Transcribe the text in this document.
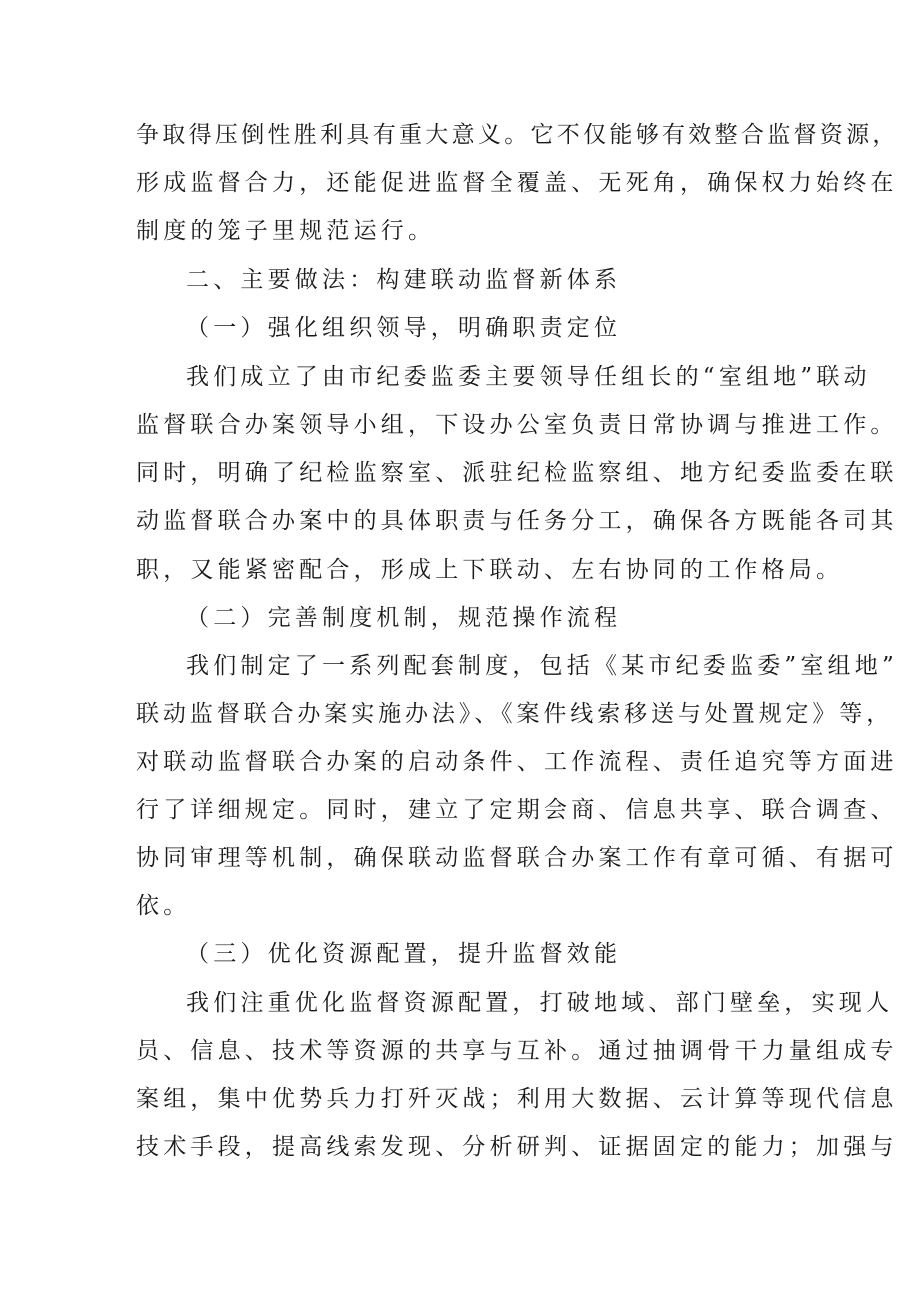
争取得压倒性胜利具有重大意义。它不仅能够有效整合监督资源，
形成监督合力，还能促进监督全覆盖、无死角，确保权力始终在
制度的笼子里规范运行。
二、主要做法：构建联动监督新体系
（一）强化组织领导，明确职责定位
我们成立了由市纪委监委主要领导任组长的“室组地”联动
监督联合办案领导小组，下设办公室负责日常协调与推进工作。
同时，明确了纪检监察室、派驻纪检监察组、地方纪委监委在联
动监督联合办案中的具体职责与任务分工，确保各方既能各司其
职，又能紧密配合，形成上下联动、左右协同的工作格局。
（二）完善制度机制，规范操作流程
我们制定了一系列配套制度，包括《某市纪委监委”室组地”
联动监督联合办案实施办法》、《案件线索移送与处置规定》等，
对联动监督联合办案的启动条件、工作流程、责任追究等方面进
行了详细规定。同时，建立了定期会商、信息共享、联合调查、
协同审理等机制，确保联动监督联合办案工作有章可循、有据可
依。
（三）优化资源配置，提升监督效能
我们注重优化监督资源配置，打破地域、部门壁垒，实现人
员、信息、技术等资源的共享与互补。通过抽调骨干力量组成专
案组，集中优势兵力打歼灭战；利用大数据、云计算等现代信息
技术手段，提高线索发现、分析研判、证据固定的能力；加强与
